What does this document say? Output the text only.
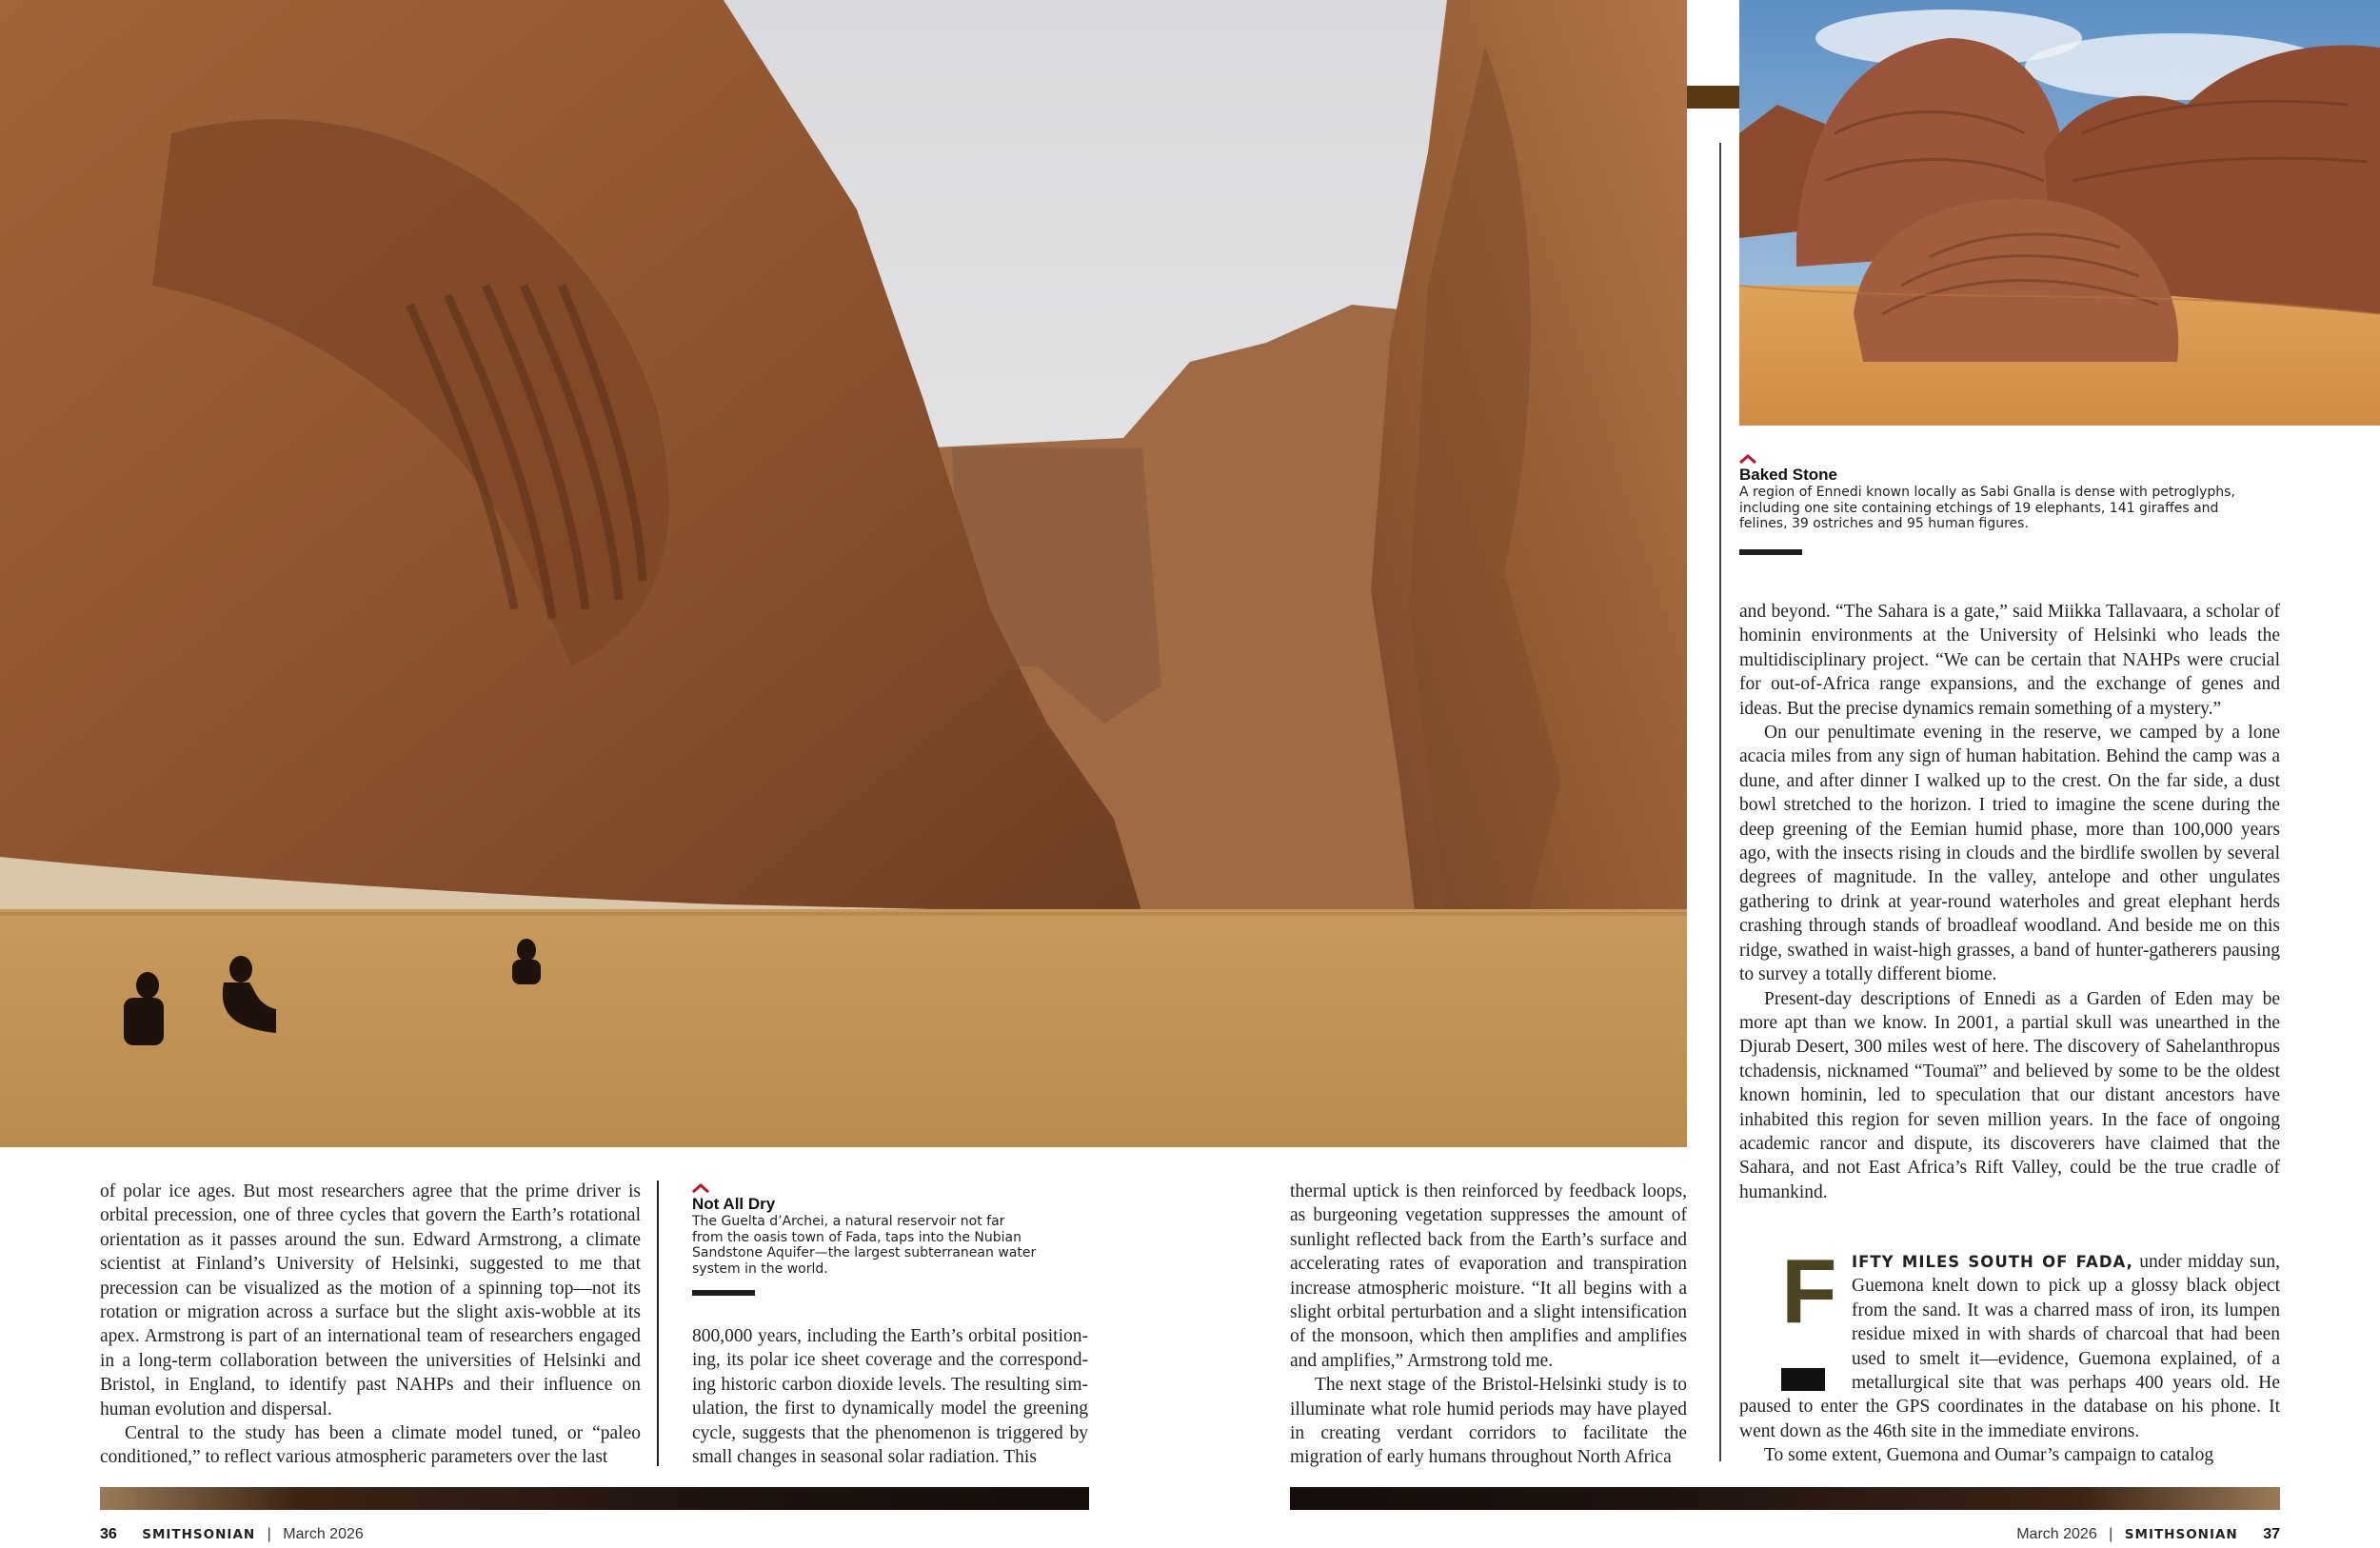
Baked Stone
A region of Ennedi known locally as Sabi Gnalla is dense with petroglyphs,
including one site containing etchings of 19 elephants, 141 giraffes and
felines, 39 ostriches and 95 human figures.

and beyond. “The Sahara is a gate,” said Miikka Tallavaara, a scholar of hominin environments at the University of Helsinki who leads the multidisciplinary project. “We can be certain that NAHPs were crucial for out-of-Africa range expansions, and the exchange of genes and ideas. But the precise dynamics remain something of a mystery.”

On our penultimate evening in the reserve, we camped by a lone acacia miles from any sign of human habitation. Behind the camp was a dune, and after dinner I walked up to the crest. On the far side, a dust bowl stretched to the horizon. I tried to imagine the scene during the deep greening of the Eemian humid phase, more than 100,000 years ago, with the insects rising in clouds and the birdlife swollen by several degrees of magnitude. In the valley, antelope and other ungulates gathering to drink at year-round waterholes and great elephant herds crashing through stands of broadleaf woodland. And beside me on this ridge, swathed in waist-high grasses, a band of hunter-gatherers pausing to survey a totally different biome.

Present-day descriptions of Ennedi as a Garden of Eden may be more apt than we know. In 2001, a partial skull was unearthed in the Djurab Desert, 300 miles west of here. The discovery of Sahelanthropus tchadensis, nicknamed “Toumaï” and believed by some to be the oldest known hominin, led to speculation that our distant ancestors have inhabited this region for seven million years. In the face of ongoing academic rancor and dispute, its discoverers have claimed that the Sahara, and not East Africa’s Rift Valley, could be the true cradle of humankind.

F IFTY MILES SOUTH OF FADA, under midday sun, Guemona knelt down to pick up a glossy black object from the sand. It was a charred mass of iron, its lumpen residue mixed in with shards of charcoal that had been used to smelt it—evidence, Guemona explained, of a metallurgical site that was perhaps 400 years old. He paused to enter the GPS coordinates in the database on his phone. It went down as the 46th site in the immediate environs.

To some extent, Guemona and Oumar’s campaign to catalog

of polar ice ages. But most researchers agree that the prime driver is orbital precession, one of three cycles that govern the Earth’s rotational orientation as it passes around the sun. Edward Armstrong, a climate scientist at Finland’s University of Helsinki, suggested to me that precession can be visualized as the motion of a spinning top—not its rotation or migration across a surface but the slight axis-wobble at its apex. Armstrong is part of an international team of researchers engaged in a long-term collaboration between the universities of Helsinki and Bristol, in England, to identify past NAHPs and their influence on human evolution and dispersal.

Central to the study has been a climate model tuned, or “paleo conditioned,” to reflect various atmospheric parameters over the last

Not All Dry
The Guelta d’Archei, a natural reservoir not far
from the oasis town of Fada, taps into the Nubian
Sandstone Aquifer—the largest subterranean water
system in the world.

800,000 years, including the Earth’s orbital positioning, its polar ice sheet coverage and the corresponding historic carbon dioxide levels. The resulting simulation, the first to dynamically model the greening cycle, suggests that the phenomenon is triggered by small changes in seasonal solar radiation. This

thermal uptick is then reinforced by feedback loops, as burgeoning vegetation suppresses the amount of sunlight reflected back from the Earth’s surface and accelerating rates of evaporation and transpiration increase atmospheric moisture. “It all begins with a slight orbital perturbation and a slight intensification of the monsoon, which then amplifies and amplifies and amplifies,” Armstrong told me.

The next stage of the Bristol-Helsinki study is to illuminate what role humid periods may have played in creating verdant corridors to facilitate the migration of early humans throughout North Africa

36 SMITHSONIAN | March 2026	March 2026 | SMITHSONIAN 37
